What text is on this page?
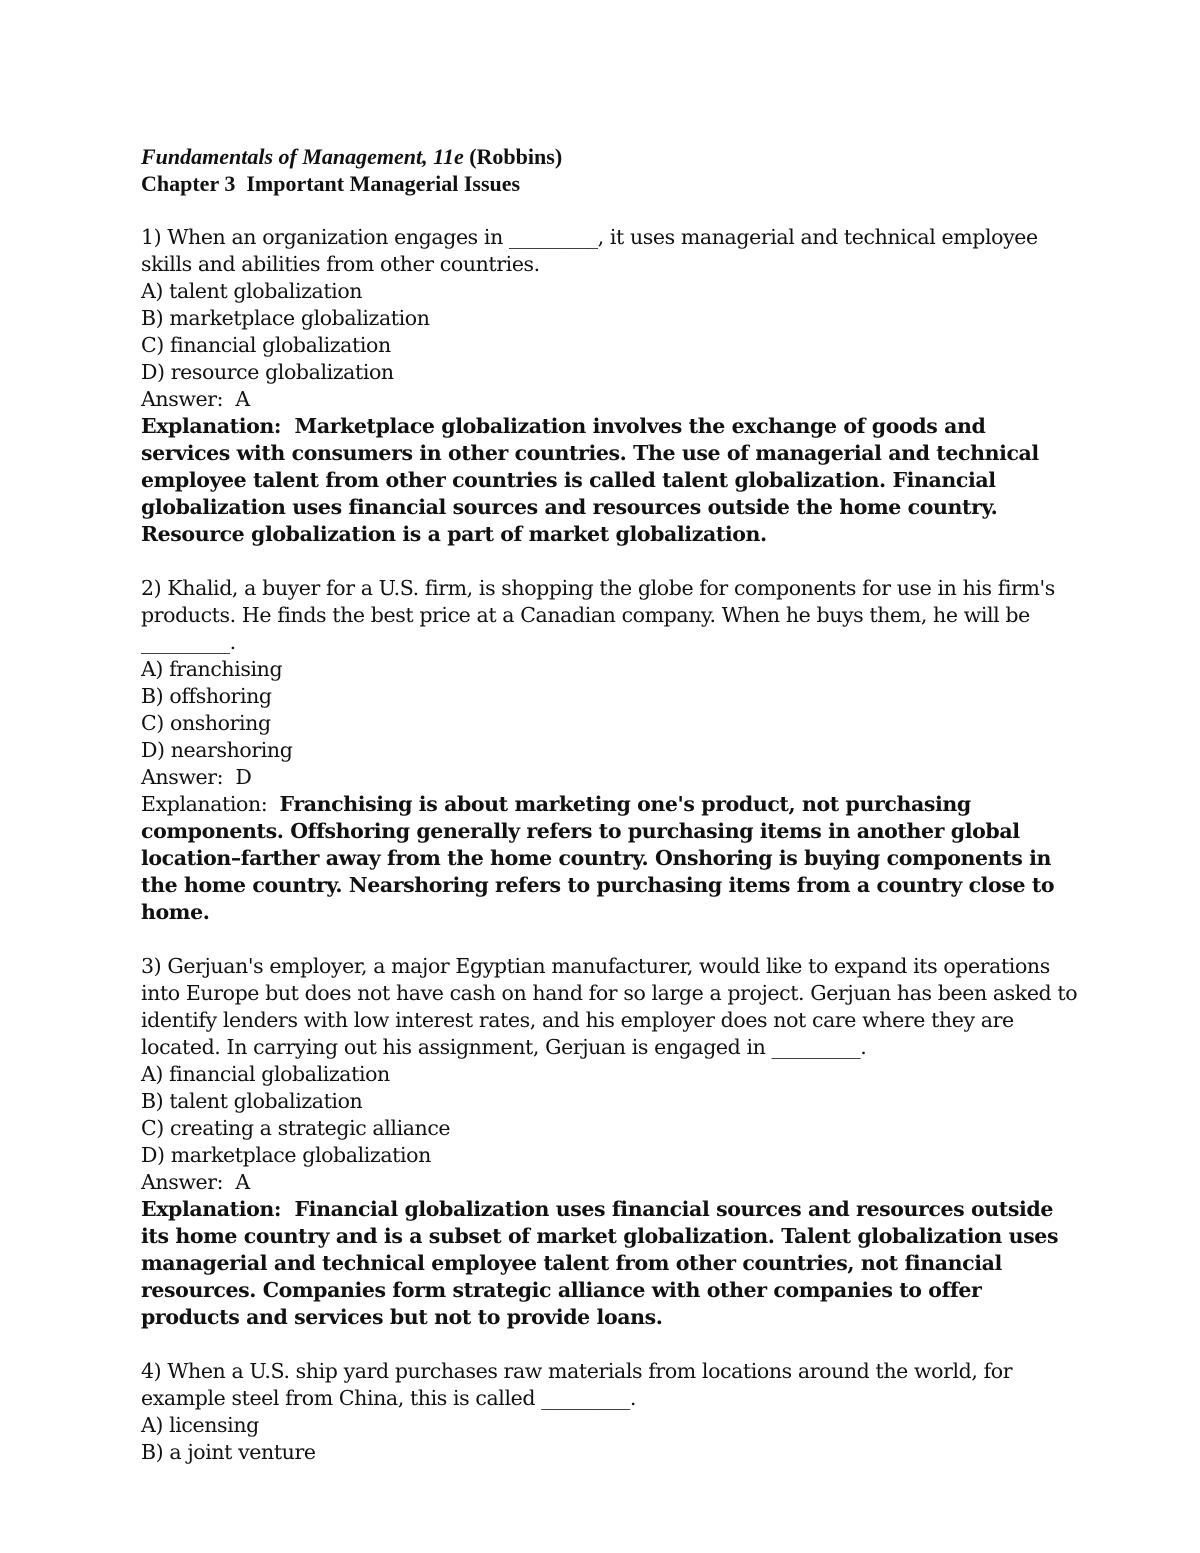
Fundamentals of Management, 11e (Robbins)
Chapter 3  Important Managerial Issues
1) When an organization engages in _________, it uses managerial and technical employee skills and abilities from other countries.
A) talent globalization
B) marketplace globalization
C) financial globalization
D) resource globalization
Answer:  A
Explanation: Marketplace globalization involves the exchange of goods and services with consumers in other countries. The use of managerial and technical employee talent from other countries is called talent globalization. Financial globalization uses financial sources and resources outside the home country. Resource globalization is a part of market globalization.
2) Khalid, a buyer for a U.S. firm, is shopping the globe for components for use in his firm's products. He finds the best price at a Canadian company. When he buys them, he will be _________.
A) franchising
B) offshoring
C) onshoring
D) nearshoring
Answer:  D
Explanation: Franchising is about marketing one's product, not purchasing components. Offshoring generally refers to purchasing items in another global location–farther away from the home country. Onshoring is buying components in the home country. Nearshoring refers to purchasing items from a country close to home.
3) Gerjuan's employer, a major Egyptian manufacturer, would like to expand its operations into Europe but does not have cash on hand for so large a project. Gerjuan has been asked to identify lenders with low interest rates, and his employer does not care where they are located. In carrying out his assignment, Gerjuan is engaged in _________.
A) financial globalization
B) talent globalization
C) creating a strategic alliance
D) marketplace globalization
Answer:  A
Explanation: Financial globalization uses financial sources and resources outside its home country and is a subset of market globalization. Talent globalization uses managerial and technical employee talent from other countries, not financial resources. Companies form strategic alliance with other companies to offer products and services but not to provide loans.
4) When a U.S. ship yard purchases raw materials from locations around the world, for example steel from China, this is called _________.
A) licensing
B) a joint venture
